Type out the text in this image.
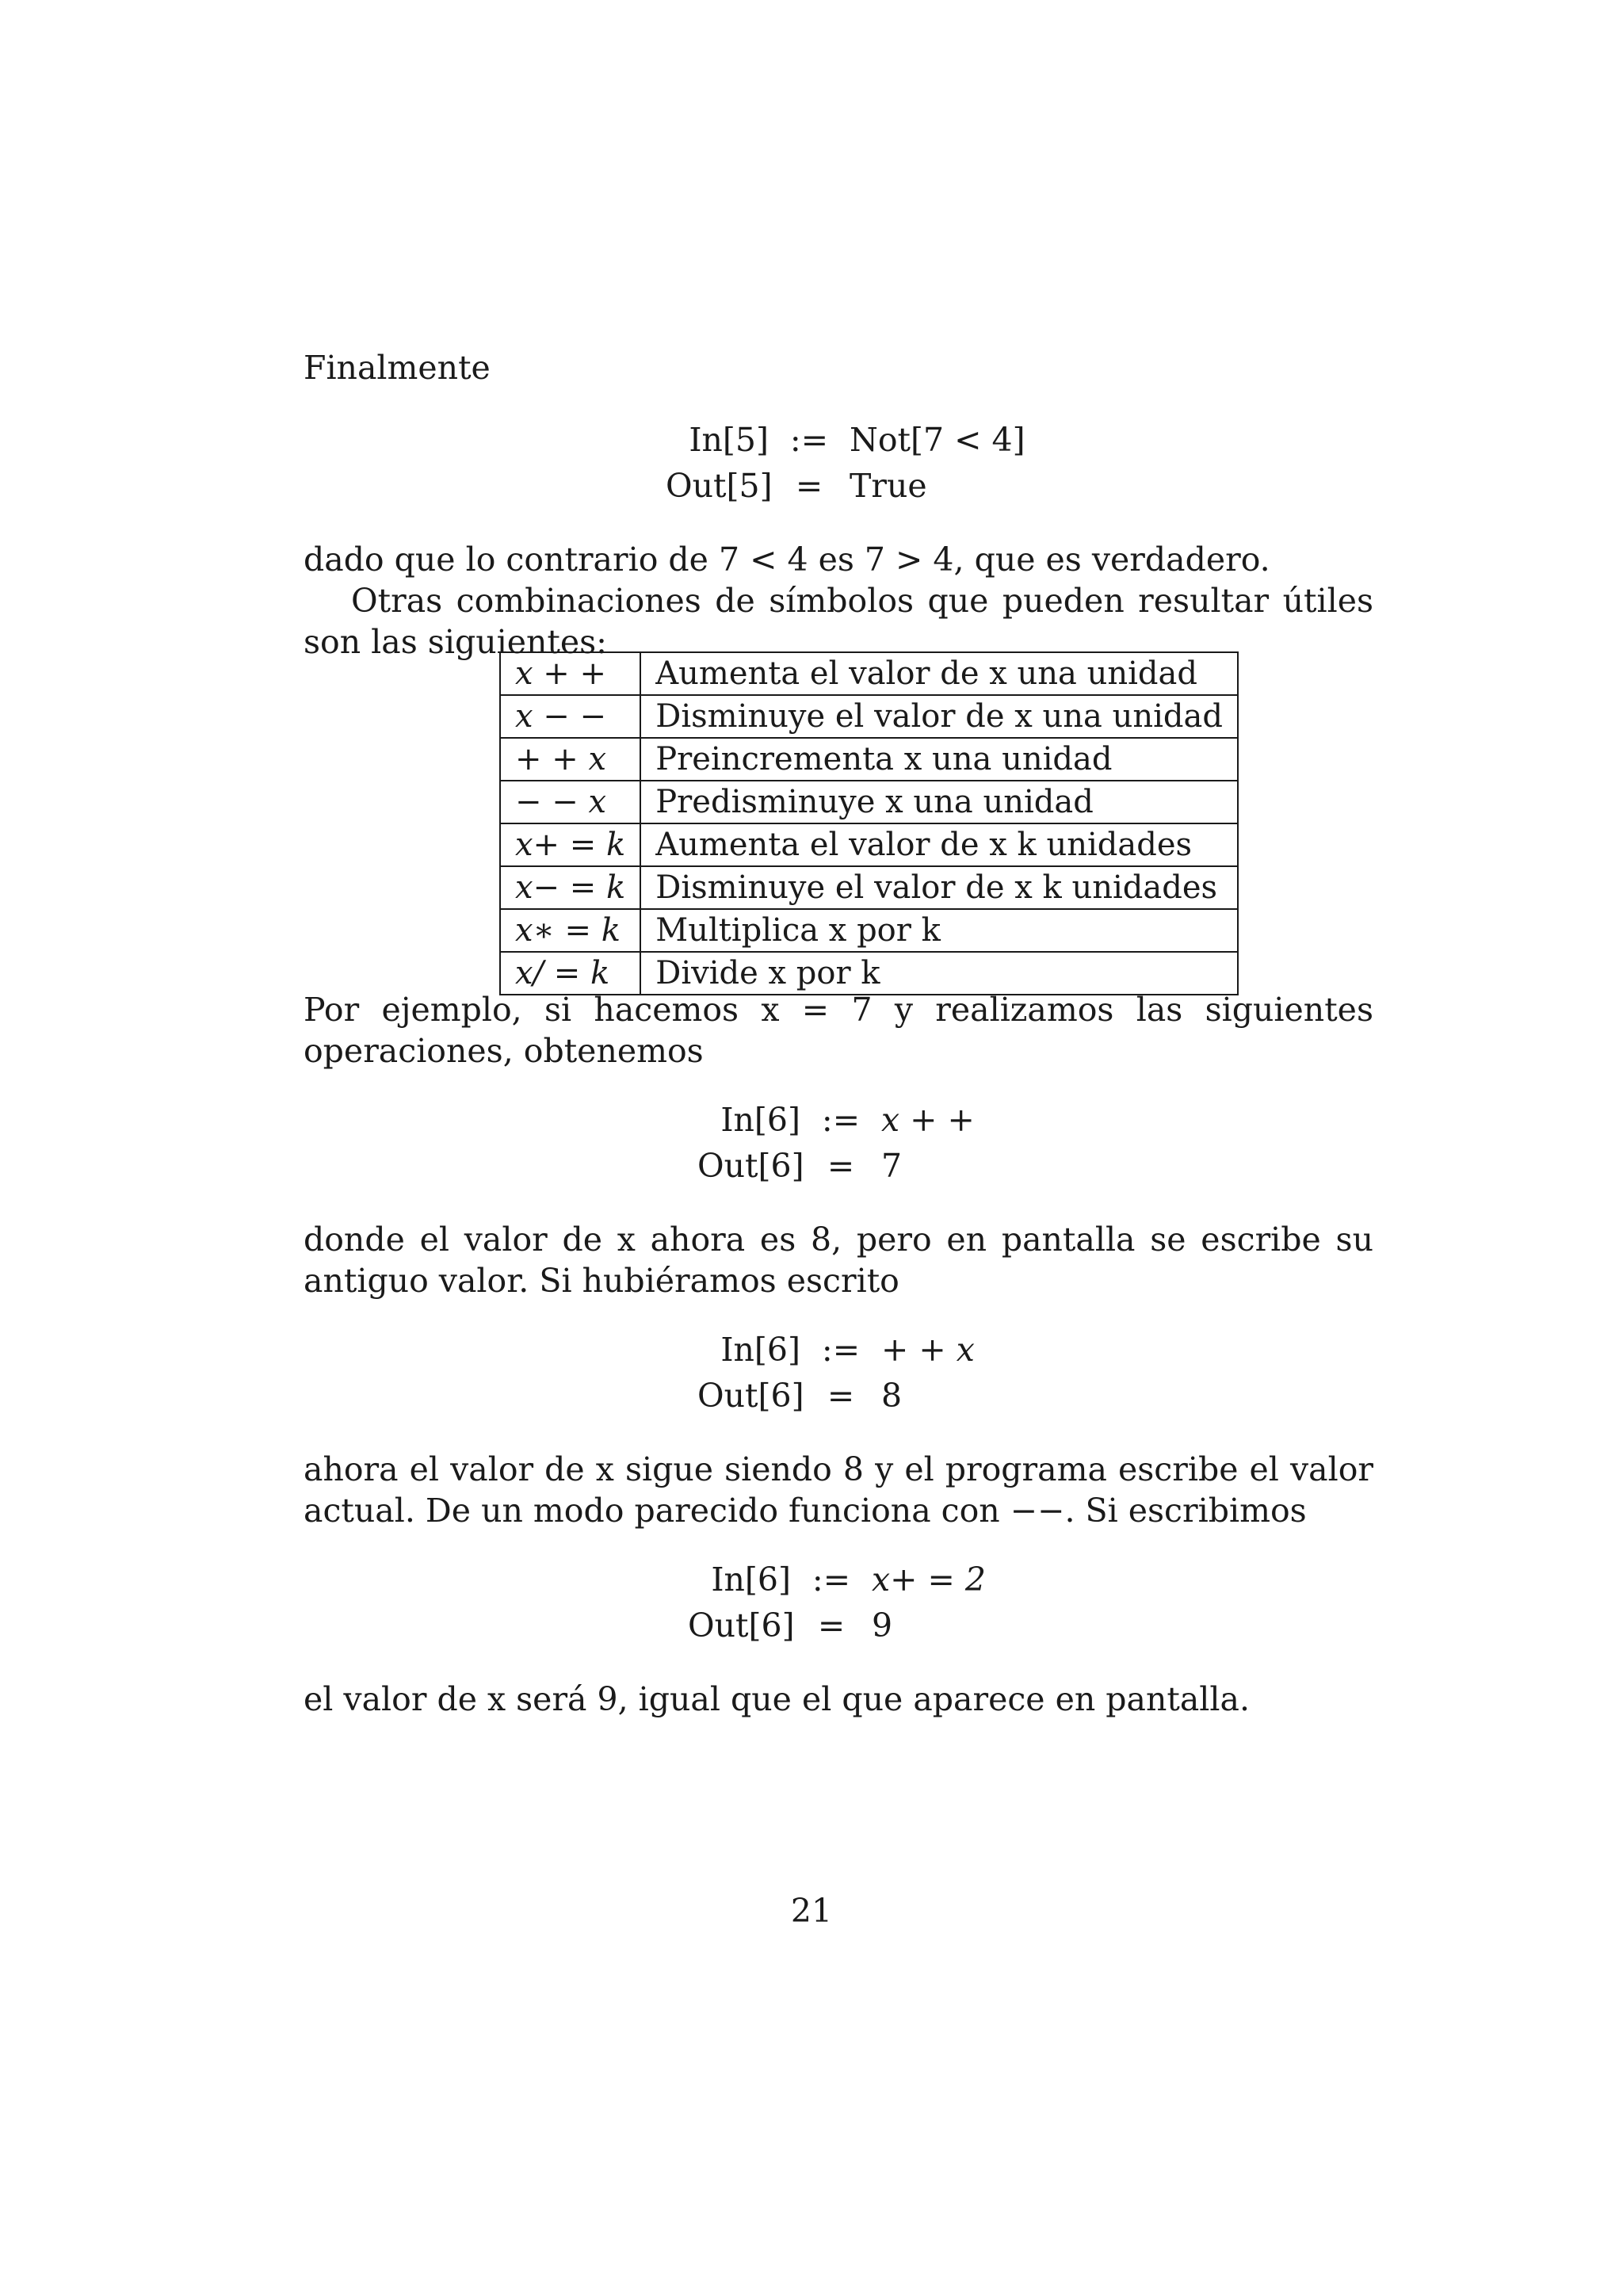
Finalmente

In[5] := Not[7 < 4]
Out[5] = True

dado que lo contrario de 7 < 4 es 7 > 4, que es verdadero.

Otras combinaciones de símbolos que pueden resultar útiles son las siguientes:

x + +	Aumenta el valor de x una unidad
x − −	Disminuye el valor de x una unidad
+ + x	Preincrementa x una unidad
− − x	Predisminuye x una unidad
x+ = k	Aumenta el valor de x k unidades
x− = k	Disminuye el valor de x k unidades
x∗ = k	Multiplica x por k
x/ = k	Divide x por k

Por ejemplo, si hacemos x = 7 y realizamos las siguientes operaciones, obtenemos

In[6] := x + +
Out[6] = 7

donde el valor de x ahora es 8, pero en pantalla se escribe su antiguo valor. Si hubiéramos escrito

In[6] := + + x
Out[6] = 8

ahora el valor de x sigue siendo 8 y el programa escribe el valor actual. De un modo parecido funciona con −−. Si escribimos

In[6] := x+ = 2
Out[6] = 9

el valor de x será 9, igual que el que aparece en pantalla.

21
